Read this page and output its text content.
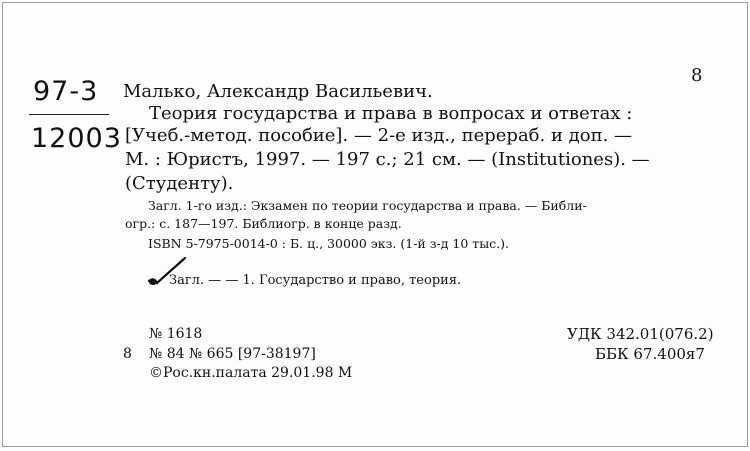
97-3
12003
8
Малько, Александр Васильевич.
Теория государства и права в вопросах и ответах :
[Учеб.-метод. пособие]. — 2-е изд., перераб. и доп. —
М. : Юристъ, 1997. — 197 с.; 21 см. — (Institutiones). —
(Студенту).
Загл. 1-го изд.: Экзамен по теории государства и права. — Библи-
огр.: с. 187—197. Библиогр. в конце разд.
ISBN 5-7975-0014-0 : Б. ц., 30000 экз. (1-й з-д 10 тыс.).
Загл. — — 1. Государство и право, теория.
№ 1618
8 № 84 № 665 [97-38197]
©Рос.кн.палата 29.01.98 М
УДК 342.01(076.2)
ББК 67.400я7
